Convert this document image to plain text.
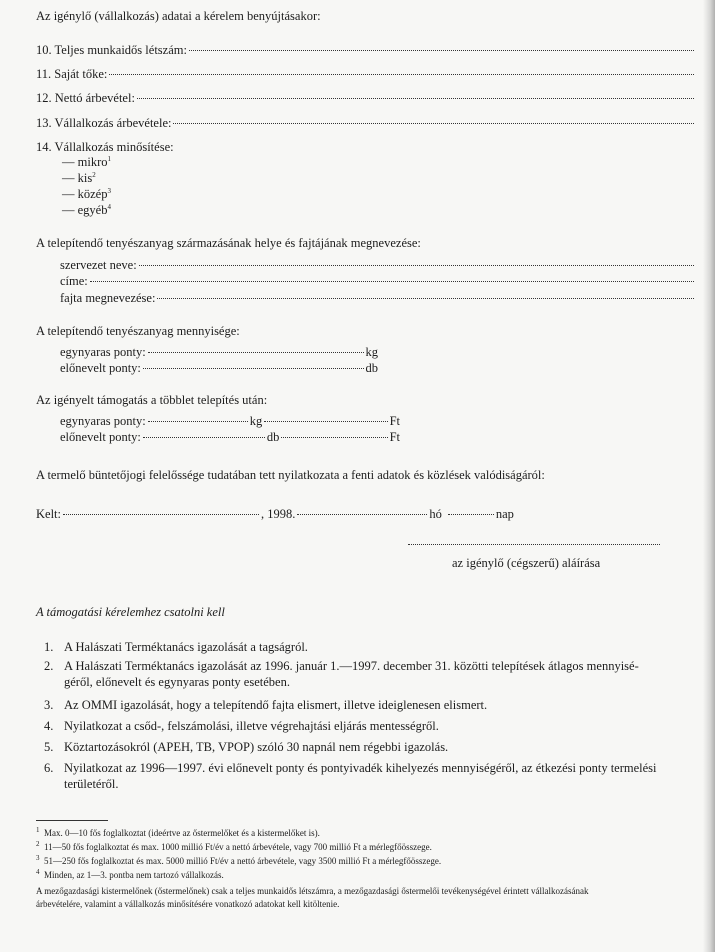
Az igénylő (vállalkozás) adatai a kérelem benyújtásakor:
10. Teljes munkaidős létszám:
11. Saját tőke:
12. Nettó árbevétel:
13. Vállalkozás árbevétele:
14. Vállalkozás minősítése:
— mikro$^1$
— kis$^2$
— közép$^3$
— egyéb$^4$
A telepítendő tenyészanyag származásának helye és fajtájának megnevezése:
szervezet neve:
címe:
fajta megnevezése:
A telepítendő tenyészanyag mennyisége:
egynyaras ponty:	kg
előnevelt ponty:	db
Az igényelt támogatás a többlet telepítés után:
egynyaras ponty:	kg	Ft
előnevelt ponty:	db	Ft
A termelő büntetőjogi felelőssége tudatában tett nyilatkozata a fenti adatok és közlések valódiságáról:
Kelt:	, 1998.	hó	nap
az igénylő (cégszerű) aláírása
A támogatási kérelemhez csatolni kell
1. A Halászati Terméktanács igazolását a tagságról.
2. A Halászati Terméktanács igazolását az 1996. január 1.—1997. december 31. közötti telepítések átlagos mennyisé-
géről, előnevelt és egynyaras ponty esetében.
3. Az OMMI igazolását, hogy a telepítendő fajta elismert, illetve ideiglenesen elismert.
4. Nyilatkozat a csőd-, felszámolási, illetve végrehajtási eljárás mentességről.
5. Köztartozásokról (APEH, TB, VPOP) szóló 30 napnál nem régebbi igazolás.
6. Nyilatkozat az 1996—1997. évi előnevelt ponty és pontyivadék kihelyezés mennyiségéről, az étkezési ponty termelési
területéről.
$^1$ Max. 0—10 fős foglalkoztat (ideértve az őstermelőket és a kistermelőket is).
$^2$ 11—50 fős foglalkoztat és max. 1000 millió Ft/év a nettó árbevétele, vagy 700 millió Ft a mérlegfőösszege.
$^3$ 51—250 fős foglalkoztat és max. 5000 millió Ft/év a nettó árbevétele, vagy 3500 millió Ft a mérlegfőösszege.
$^4$ Minden, az 1—3. pontba nem tartozó vállalkozás.
A mezőgazdasági kistermelőnek (őstermelőnek) csak a teljes munkaidős létszámra, a mezőgazdasági őstermelői tevékenységével érintett vállalkozásának
árbevételére, valamint a vállalkozás minősítésére vonatkozó adatokat kell kitöltenie.
